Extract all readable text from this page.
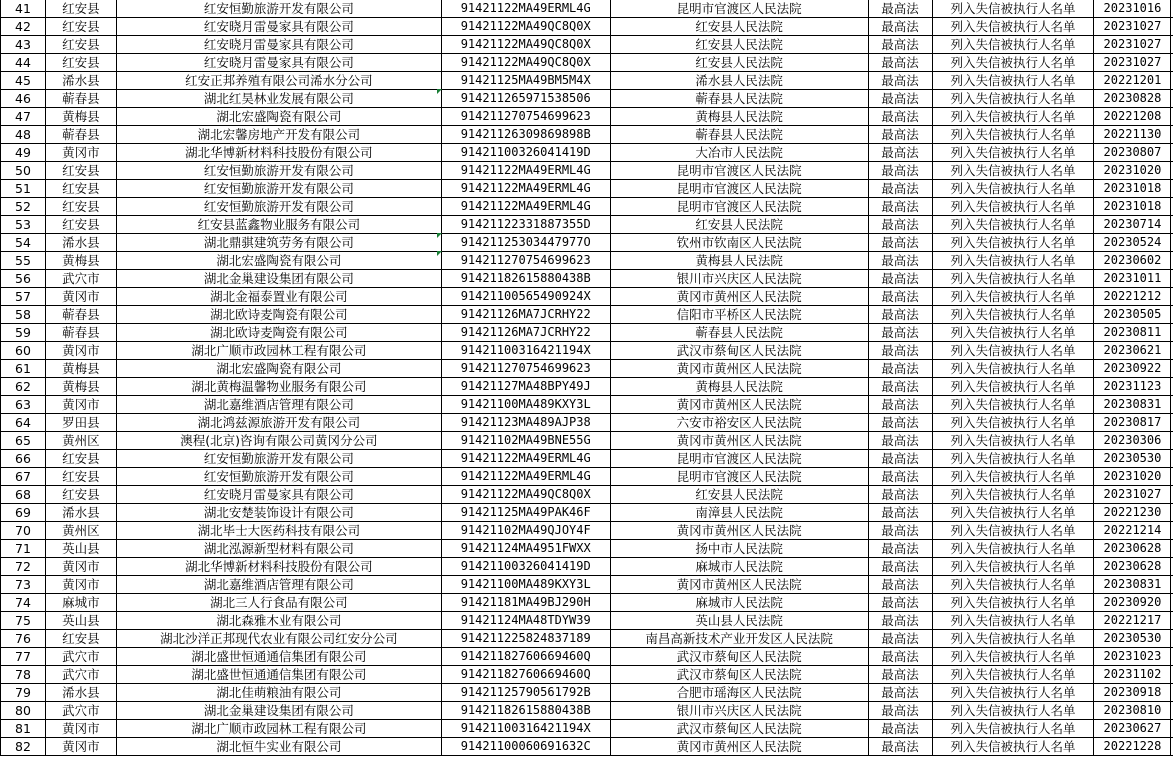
41	红安县	红安恒勤旅游开发有限公司	91421122MA49ERML4G	昆明市官渡区人民法院	最高法	列入失信被执行人名单	20231016	
42	红安县	红安晓月雷曼家具有限公司	91421122MA49QC8Q0X	红安县人民法院	最高法	列入失信被执行人名单	20231027	
43	红安县	红安晓月雷曼家具有限公司	91421122MA49QC8Q0X	红安县人民法院	最高法	列入失信被执行人名单	20231027	
44	红安县	红安晓月雷曼家具有限公司	91421122MA49QC8Q0X	红安县人民法院	最高法	列入失信被执行人名单	20231027	
45	浠水县	红安正邦养殖有限公司浠水分公司	91421125MA49BM5M4X	浠水县人民法院	最高法	列入失信被执行人名单	20221201	
46	蕲春县	湖北红昊林业发展有限公司	914211265971538506	蕲春县人民法院	最高法	列入失信被执行人名单	20230828	
47	黄梅县	湖北宏盛陶瓷有限公司	914211270754699623	黄梅县人民法院	最高法	列入失信被执行人名单	20221208	
48	蕲春县	湖北宏馨房地产开发有限公司	91421126309869898B	蕲春县人民法院	最高法	列入失信被执行人名单	20221130	
49	黄冈市	湖北华博新材料科技股份有限公司	91421100326041419D	大冶市人民法院	最高法	列入失信被执行人名单	20230807	
50	红安县	红安恒勤旅游开发有限公司	91421122MA49ERML4G	昆明市官渡区人民法院	最高法	列入失信被执行人名单	20231020	
51	红安县	红安恒勤旅游开发有限公司	91421122MA49ERML4G	昆明市官渡区人民法院	最高法	列入失信被执行人名单	20231018	
52	红安县	红安恒勤旅游开发有限公司	91421122MA49ERML4G	昆明市官渡区人民法院	最高法	列入失信被执行人名单	20231018	
53	红安县	红安县蓝鑫物业服务有限公司	91421122331887355D	红安县人民法院	最高法	列入失信被执行人名单	20230714	
54	浠水县	湖北鼎骐建筑劳务有限公司	91421125303447977O	钦州市钦南区人民法院	最高法	列入失信被执行人名单	20230524	
55	黄梅县	湖北宏盛陶瓷有限公司	914211270754699623	黄梅县人民法院	最高法	列入失信被执行人名单	20230602	
56	武穴市	湖北金巢建设集团有限公司	91421182615880438B	银川市兴庆区人民法院	最高法	列入失信被执行人名单	20231011	
57	黄冈市	湖北金福泰置业有限公司	91421100565490924X	黄冈市黄州区人民法院	最高法	列入失信被执行人名单	20221212	
58	蕲春县	湖北欧诗麦陶瓷有限公司	91421126MA7JCRHY22	信阳市平桥区人民法院	最高法	列入失信被执行人名单	20230505	
59	蕲春县	湖北欧诗麦陶瓷有限公司	91421126MA7JCRHY22	蕲春县人民法院	最高法	列入失信被执行人名单	20230811	
60	黄冈市	湖北广顺市政园林工程有限公司	91421100316421194X	武汉市蔡甸区人民法院	最高法	列入失信被执行人名单	20230621	
61	黄梅县	湖北宏盛陶瓷有限公司	914211270754699623	黄冈市黄州区人民法院	最高法	列入失信被执行人名单	20230922	
62	黄梅县	湖北黄梅温馨物业服务有限公司	91421127MA48BPY49J	黄梅县人民法院	最高法	列入失信被执行人名单	20231123	
63	黄冈市	湖北嘉维酒店管理有限公司	91421100MA489KXY3L	黄冈市黄州区人民法院	最高法	列入失信被执行人名单	20230831	
64	罗田县	湖北鸿兹源旅游开发有限公司	91421123MA489AJP38	六安市裕安区人民法院	最高法	列入失信被执行人名单	20230817	
65	黄州区	澳程(北京)咨询有限公司黄冈分公司	91421102MA49BNE55G	黄冈市黄州区人民法院	最高法	列入失信被执行人名单	20230306	
66	红安县	红安恒勤旅游开发有限公司	91421122MA49ERML4G	昆明市官渡区人民法院	最高法	列入失信被执行人名单	20230530	
67	红安县	红安恒勤旅游开发有限公司	91421122MA49ERML4G	昆明市官渡区人民法院	最高法	列入失信被执行人名单	20231020	
68	红安县	红安晓月雷曼家具有限公司	91421122MA49QC8Q0X	红安县人民法院	最高法	列入失信被执行人名单	20231027	
69	浠水县	湖北安楚装饰设计有限公司	91421125MA49PAK46F	南漳县人民法院	最高法	列入失信被执行人名单	20221230	
70	黄州区	湖北毕士大医药科技有限公司	91421102MA49QJOY4F	黄冈市黄州区人民法院	最高法	列入失信被执行人名单	20221214	
71	英山县	湖北泓源新型材料有限公司	91421124MA4951FWXX	扬中市人民法院	最高法	列入失信被执行人名单	20230628	
72	黄冈市	湖北华博新材料科技股份有限公司	91421100326041419D	麻城市人民法院	最高法	列入失信被执行人名单	20230628	
73	黄冈市	湖北嘉维酒店管理有限公司	91421100MA489KXY3L	黄冈市黄州区人民法院	最高法	列入失信被执行人名单	20230831	
74	麻城市	湖北三人行食品有限公司	91421181MA49BJ290H	麻城市人民法院	最高法	列入失信被执行人名单	20230920	
75	英山县	湖北森雅木业有限公司	91421124MA48TDYW39	英山县人民法院	最高法	列入失信被执行人名单	20221217	
76	红安县	湖北沙洋正邦现代农业有限公司红安分公司	91421122582483718​9	南昌高新技术产业开发区人民法院	最高法	列入失信被执行人名单	20230530	
77	武穴市	湖北盛世恒通通信集团有限公司	91421182760669460Q	武汉市蔡甸区人民法院	最高法	列入失信被执行人名单	20231023	
78	武穴市	湖北盛世恒通通信集团有限公司	91421182760669460Q	武汉市蔡甸区人民法院	最高法	列入失信被执行人名单	20231102	
79	浠水县	湖北佳萌粮油有限公司	91421125790561792B	合肥市瑶海区人民法院	最高法	列入失信被执行人名单	20230918	
80	武穴市	湖北金巢建设集团有限公司	91421182615880438B	银川市兴庆区人民法院	最高法	列入失信被执行人名单	20230810	
81	黄冈市	湖北广顺市政园林工程有限公司	91421100316421194X	武汉市蔡甸区人民法院	最高法	列入失信被执行人名单	20230627	
82	黄冈市	湖北恒牛实业有限公司	91421100060691632C	黄冈市黄州区人民法院	最高法	列入失信被执行人名单	20221228	
